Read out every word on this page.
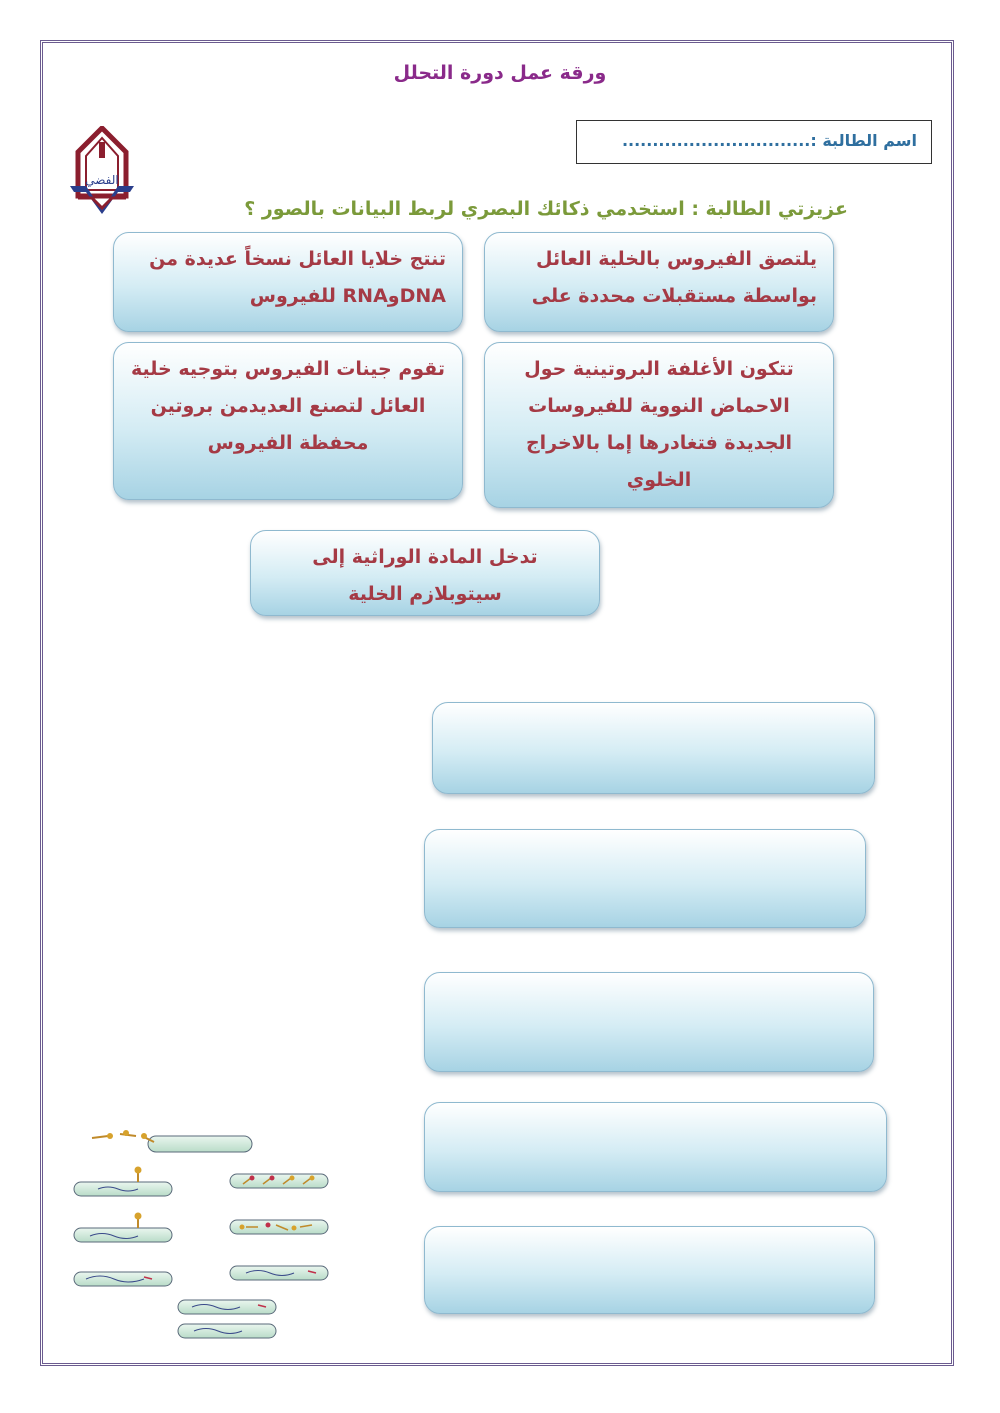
ورقة عمل دورة التحلل
اسم الطالبة :...............................
الفضي
عزيزتي الطالبة : استخدمي ذكائك البصري لربط البيانات بالصور ؟
يلتصق الفيروس بالخلية العائل بواسطة مستقبلات محددة على
تنتج خلايا العائل نسخاً عديدة من DNAوRNA للفيروس
تتكون الأغلفة البروتينية حول الاحماض النووية للفيروسات الجديدة فتغادرها إما بالاخراج الخلوي
تقوم جينات الفيروس بتوجيه خلية العائل لتصنع العديدمن بروتين محفظة الفيروس
تدخل المادة الوراثية إلى سيتوبلازم الخلية
